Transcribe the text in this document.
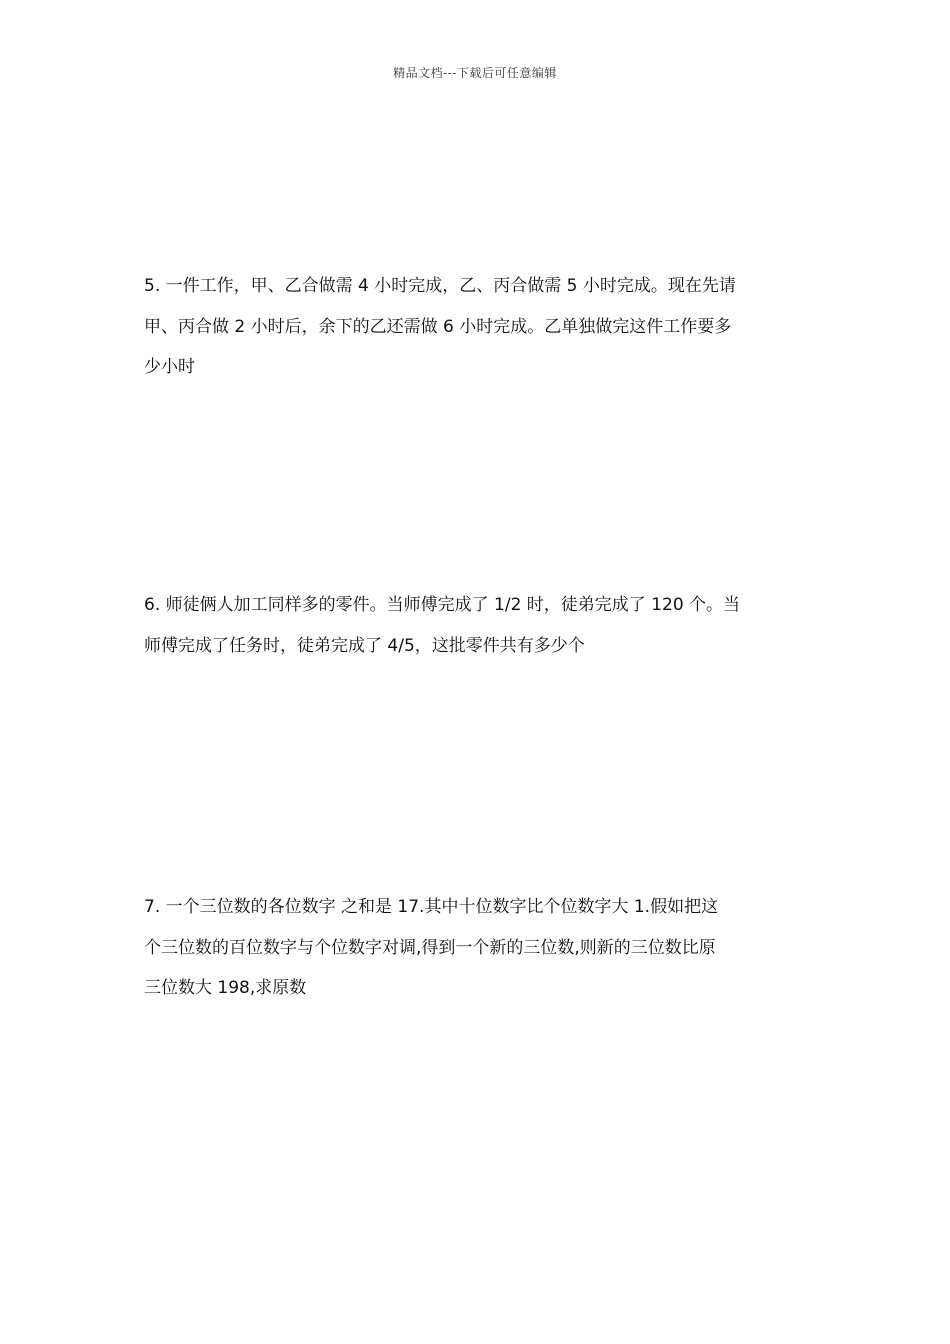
精品文档---下载后可任意编辑
5. 一件工作，甲、乙合做需 4 小时完成，乙、丙合做需 5 小时完成。现在先请
甲、丙合做 2 小时后，余下的乙还需做 6 小时完成。乙单独做完这件工作要多
少小时
6. 师徒俩人加工同样多的零件。当师傅完成了 1/2 时，徒弟完成了 120 个。当
师傅完成了任务时，徒弟完成了 4/5，这批零件共有多少个
7. 一个三位数的各位数字 之和是 17.其中十位数字比个位数字大 1.假如把这
个三位数的百位数字与个位数字对调,得到一个新的三位数,则新的三位数比原
三位数大 198,求原数
